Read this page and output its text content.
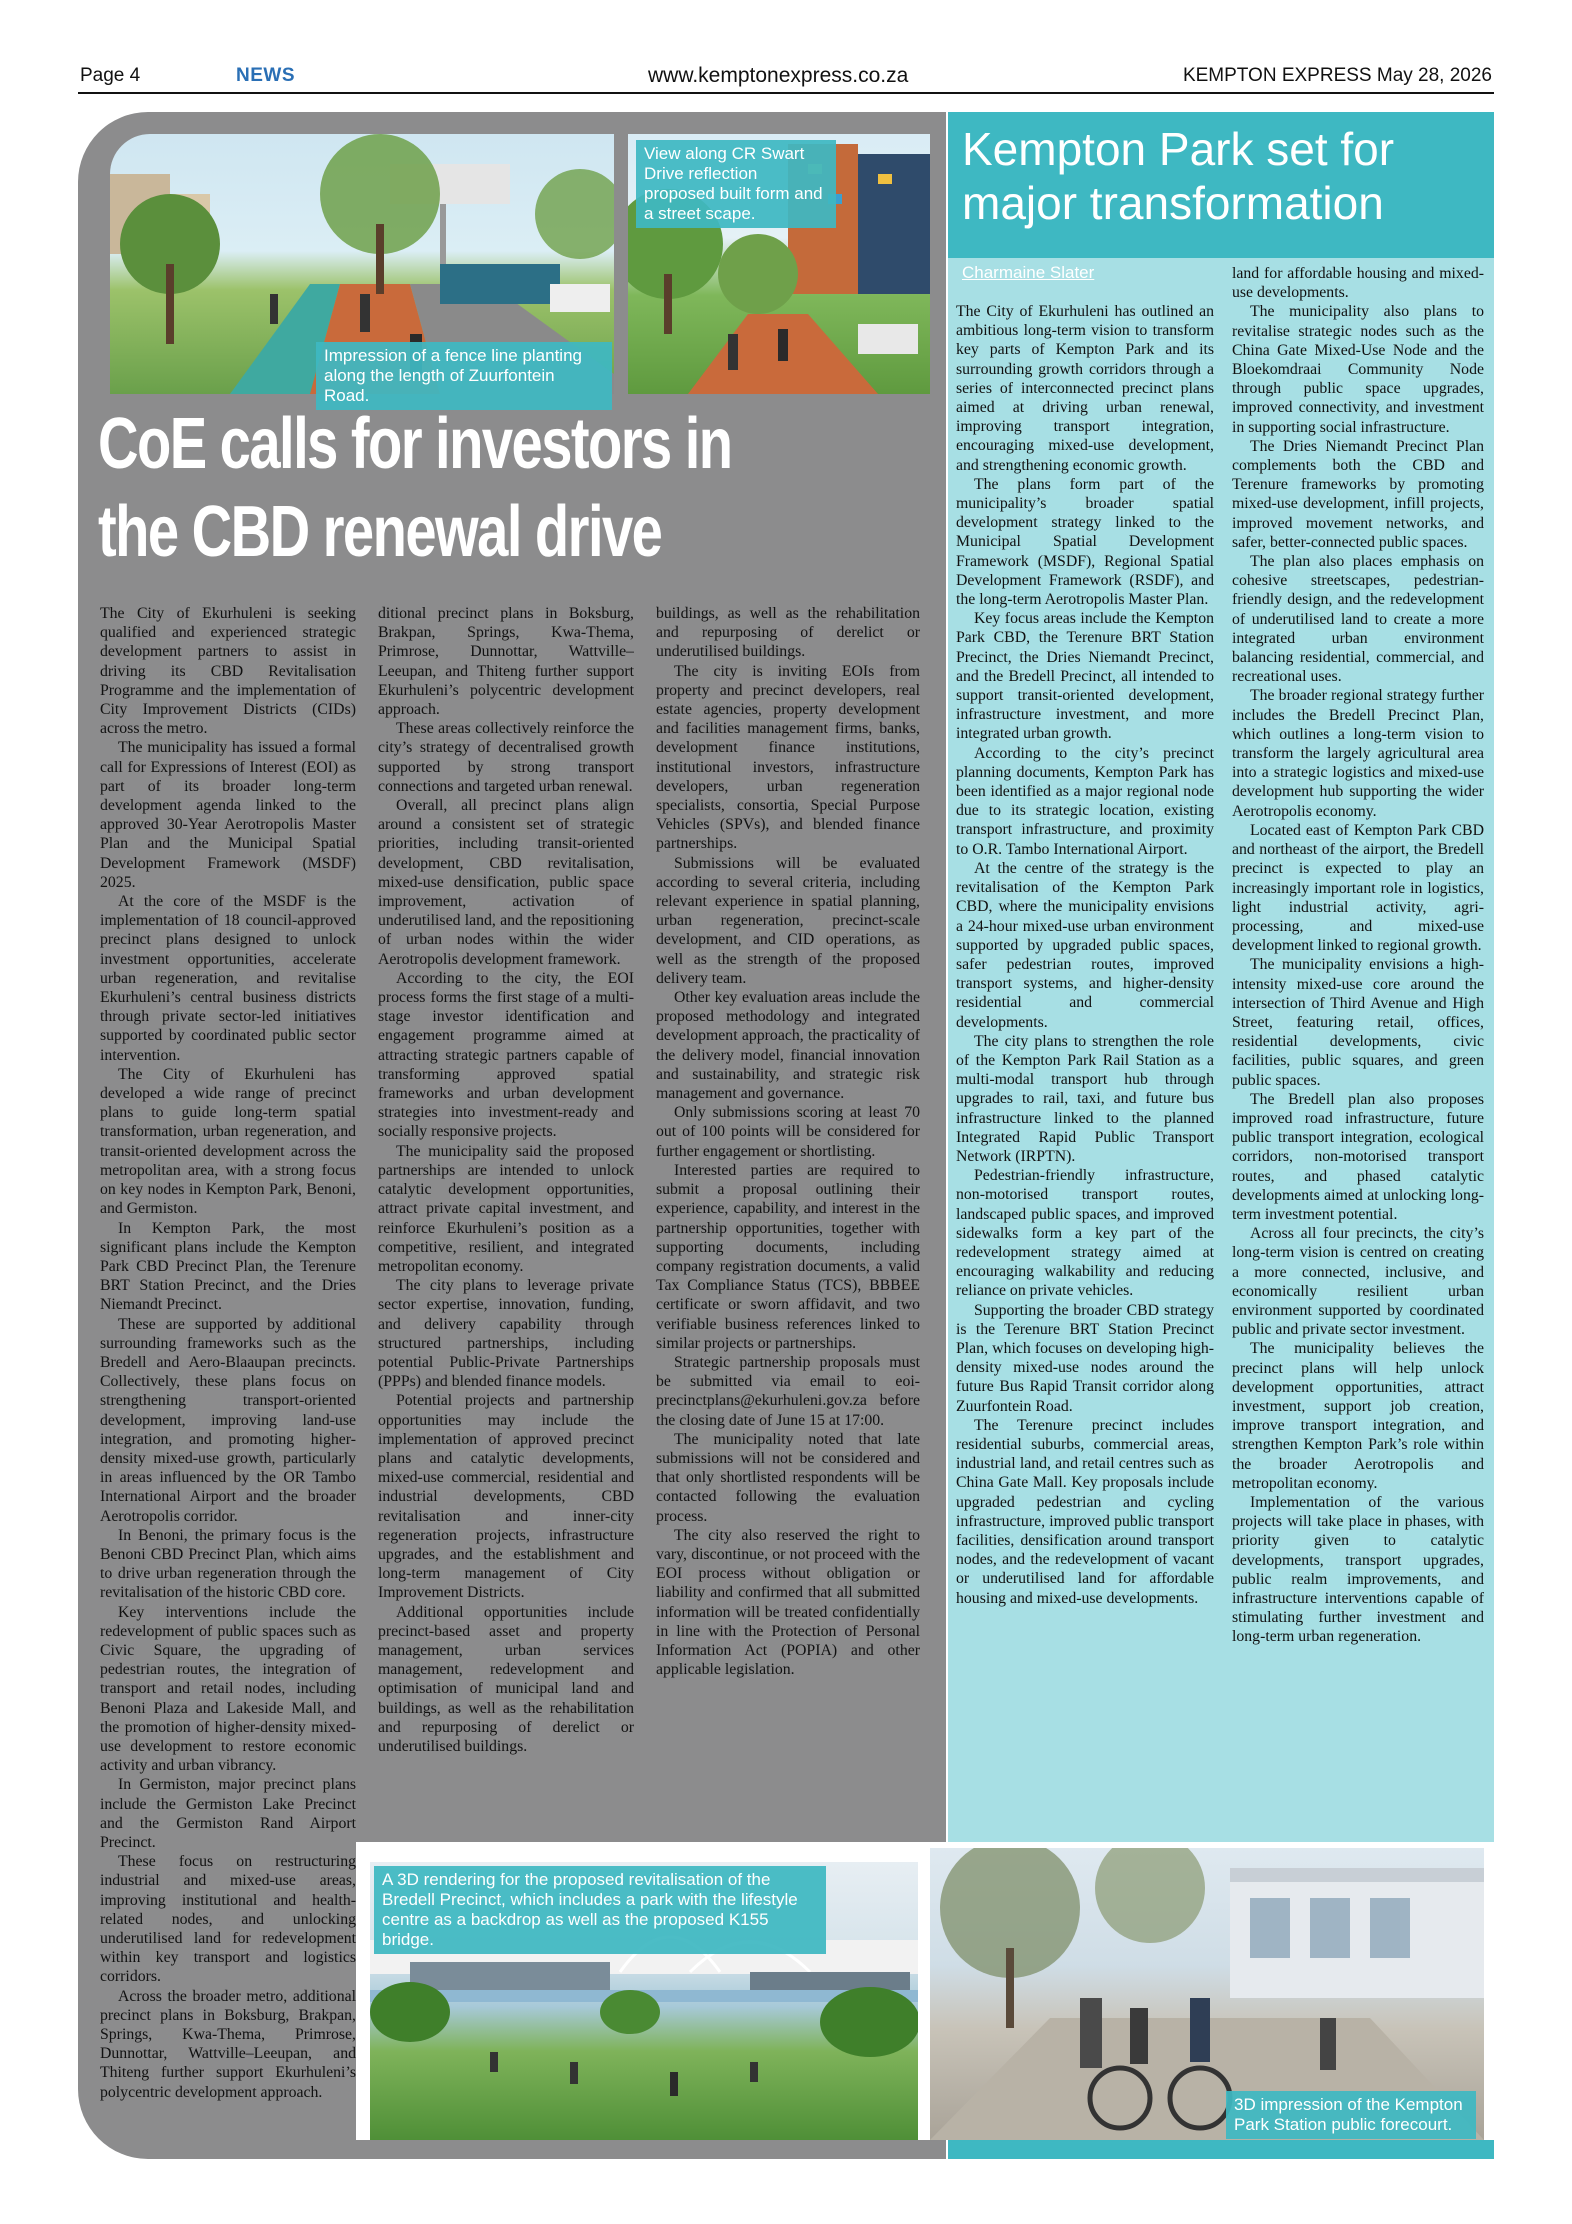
Page 4	NEWS	www.kemptonexpress.co.za	KEMPTON EXPRESS May 28, 2026
Impression of a fence line planting along the length of Zuurfontein Road.
View along CR Swart Drive reflection proposed built form and a street scape.
CoE calls for investors in
the CBD renewal drive
Kempton Park set for major transformation
Charmaine Slater

The City of Ekurhuleni is seeking qualified and experienced strategic development partners to assist in driving its CBD Revitalisation Programme and the implementation of City Improvement Districts (CIDs) across the metro.

The municipality has issued a formal call for Expressions of Interest (EOI) as part of its broader long-term development agenda linked to the approved 30-Year Aerotropolis Master Plan and the Municipal Spatial Development Framework (MSDF) 2025.

At the core of the MSDF is the implementation of 18 council-approved precinct plans designed to unlock investment opportunities, accelerate urban regeneration, and revitalise Ekurhuleni’s central business districts through private sector-led initiatives supported by coordinated public sector intervention.

The City of Ekurhuleni has developed a wide range of precinct plans to guide long-term spatial transformation, urban regeneration, and transit-oriented development across the metropolitan area, with a strong focus on key nodes in Kempton Park, Benoni, and Germiston.

In Kempton Park, the most significant plans include the Kempton Park CBD Precinct Plan, the Terenure BRT Station Precinct, and the Dries Niemandt Precinct.

These are supported by additional surrounding frameworks such as the Bredell and Aero-Blaaupan precincts. Collectively, these plans focus on strengthening transport-oriented development, improving land-use integration, and promoting higher-density mixed-use growth, particularly in areas influenced by the OR Tambo International Airport and the broader Aerotropolis corridor.

In Benoni, the primary focus is the Benoni CBD Precinct Plan, which aims to drive urban regeneration through the revitalisation of the historic CBD core.

Key interventions include the redevelopment of public spaces such as Civic Square, the upgrading of pedestrian routes, the integration of transport and retail nodes, including Benoni Plaza and Lakeside Mall, and the promotion of higher-density mixed-use development to restore economic activity and urban vibrancy.

In Germiston, major precinct plans include the Germiston Lake Precinct and the Germiston Rand Airport Precinct.

These focus on restructuring industrial and mixed-use areas, improving institutional and health-related nodes, and unlocking underutilised land for redevelopment within key transport and logistics corridors.

Across the broader metro, additional precinct plans in Boksburg, Brakpan, Springs, Kwa-Thema, Primrose, Dunnottar, Wattville–Leeupan, and Thiteng further support Ekurhuleni’s polycentric development approach.

ditional precinct plans in Boksburg, Brakpan, Springs, Kwa-Thema, Primrose, Dunnottar, Wattville–Leeupan, and Thiteng further support Ekurhuleni’s polycentric development approach.

These areas collectively reinforce the city’s strategy of decentralised growth supported by strong transport connections and targeted urban renewal.

Overall, all precinct plans align around a consistent set of strategic priorities, including transit-oriented development, CBD revitalisation, mixed-use densification, public space improvement, activation of underutilised land, and the repositioning of urban nodes within the wider Aerotropolis development framework.

According to the city, the EOI process forms the first stage of a multi-stage investor identification and engagement programme aimed at attracting strategic partners capable of transforming approved spatial frameworks and urban development strategies into investment-ready and socially responsive projects.

The municipality said the proposed partnerships are intended to unlock catalytic development opportunities, attract private capital investment, and reinforce Ekurhuleni’s position as a competitive, resilient, and integrated metropolitan economy.

The city plans to leverage private sector expertise, innovation, funding, and delivery capability through structured partnerships, including potential Public-Private Partnerships (PPPs) and blended finance models.

Potential projects and partnership opportunities may include the implementation of approved precinct plans and catalytic developments, mixed-use commercial, residential and industrial developments, CBD revitalisation and inner-city regeneration projects, infrastructure upgrades, and the establishment and long-term management of City Improvement Districts.

Additional opportunities include precinct-based asset and property management, urban services management, redevelopment and optimisation of municipal land and buildings, as well as the rehabilitation and repurposing of derelict or underutilised buildings.

buildings, as well as the rehabilitation and repurposing of derelict or underutilised buildings.

The city is inviting EOIs from property and precinct developers, real estate agencies, property development and facilities management firms, banks, development finance institutions, institutional investors, infrastructure developers, urban regeneration specialists, consortia, Special Purpose Vehicles (SPVs), and blended finance partnerships.

Submissions will be evaluated according to several criteria, including relevant experience in spatial planning, urban regeneration, precinct-scale development, and CID operations, as well as the strength of the proposed delivery team.

Other key evaluation areas include the proposed methodology and integrated development approach, the practicality of the delivery model, financial innovation and sustainability, and strategic risk management and governance.

Only submissions scoring at least 70 out of 100 points will be considered for further engagement or shortlisting.

Interested parties are required to submit a proposal outlining their experience, capability, and interest in the partnership opportunities, together with supporting documents, including company registration documents, a valid Tax Compliance Status (TCS), BBBEE certificate or sworn affidavit, and two verifiable business references linked to similar projects or partnerships.

Strategic partnership proposals must be submitted via email to eoi-precinctplans@ekurhuleni.gov.za before the closing date of June 15 at 17:00.

The municipality noted that late submissions will not be considered and that only shortlisted respondents will be contacted following the evaluation process.

The city also reserved the right to vary, discontinue, or not proceed with the EOI process without obligation or liability and confirmed that all submitted information will be treated confidentially in line with the Protection of Personal Information Act (POPIA) and other applicable legislation.

The City of Ekurhuleni has outlined an ambitious long-term vision to transform key parts of Kempton Park and its surrounding growth corridors through a series of interconnected precinct plans aimed at driving urban renewal, improving transport integration, encouraging mixed-use development, and strengthening economic growth.

The plans form part of the municipality’s broader spatial development strategy linked to the Municipal Spatial Development Framework (MSDF), Regional Spatial Development Framework (RSDF), and the long-term Aerotropolis Master Plan.

Key focus areas include the Kempton Park CBD, the Terenure BRT Station Precinct, the Dries Niemandt Precinct, and the Bredell Precinct, all intended to support transit-oriented development, infrastructure investment, and more integrated urban growth.

According to the city’s precinct planning documents, Kempton Park has been identified as a major regional node due to its strategic location, existing transport infrastructure, and proximity to O.R. Tambo International Airport.

At the centre of the strategy is the revitalisation of the Kempton Park CBD, where the municipality envisions a 24-hour mixed-use urban environment supported by upgraded public spaces, safer pedestrian routes, improved transport systems, and higher-density residential and commercial developments.

The city plans to strengthen the role of the Kempton Park Rail Station as a multi-modal transport hub through upgrades to rail, taxi, and future bus infrastructure linked to the planned Integrated Rapid Public Transport Network (IRPTN).

Pedestrian-friendly infrastructure, non-motorised transport routes, landscaped public spaces, and improved sidewalks form a key part of the redevelopment strategy aimed at encouraging walkability and reducing reliance on private vehicles.

Supporting the broader CBD strategy is the Terenure BRT Station Precinct Plan, which focuses on developing high-density mixed-use nodes around the future Bus Rapid Transit corridor along Zuurfontein Road.

The Terenure precinct includes residential suburbs, commercial areas, industrial land, and retail centres such as China Gate Mall. Key proposals include upgraded pedestrian and cycling infrastructure, improved public transport facilities, densification around transport nodes, and the redevelopment of vacant or underutilised land for affordable housing and mixed-use developments.

land for affordable housing and mixed-use developments.

The municipality also plans to revitalise strategic nodes such as the China Gate Mixed-Use Node and the Bloekomdraai Community Node through public space upgrades, improved connectivity, and investment in supporting social infrastructure.

The Dries Niemandt Precinct Plan complements both the CBD and Terenure frameworks by promoting mixed-use development, infill projects, improved movement networks, and safer, better-connected public spaces.

The plan also places emphasis on cohesive streetscapes, pedestrian-friendly design, and the redevelopment of underutilised land to create a more integrated urban environment balancing residential, commercial, and recreational uses.

The broader regional strategy further includes the Bredell Precinct Plan, which outlines a long-term vision to transform the largely agricultural area into a strategic logistics and mixed-use development hub supporting the wider Aerotropolis economy.

Located east of Kempton Park CBD and northeast of the airport, the Bredell precinct is expected to play an increasingly important role in logistics, light industrial activity, agri-processing, and mixed-use development linked to regional growth.

The municipality envisions a high-intensity mixed-use core around the intersection of Third Avenue and High Street, featuring retail, offices, residential developments, civic facilities, public squares, and green public spaces.

The Bredell plan also proposes improved road infrastructure, future public transport integration, ecological corridors, non-motorised transport routes, and phased catalytic developments aimed at unlocking long-term investment potential.

Across all four precincts, the city’s long-term vision is centred on creating a more connected, inclusive, and economically resilient urban environment supported by coordinated public and private sector investment.

The municipality believes the precinct plans will help unlock development opportunities, attract investment, support job creation, improve transport integration, and strengthen Kempton Park’s role within the broader Aerotropolis and metropolitan economy.

Implementation of the various projects will take place in phases, with priority given to catalytic developments, transport upgrades, public realm improvements, and infrastructure interventions capable of stimulating further investment and long-term urban regeneration.

A 3D rendering for the proposed revitalisation of the Bredell Precinct, which includes a park with the lifestyle centre as a backdrop as well as the proposed K155 bridge.
3D impression of the Kempton Park Station public forecourt.
